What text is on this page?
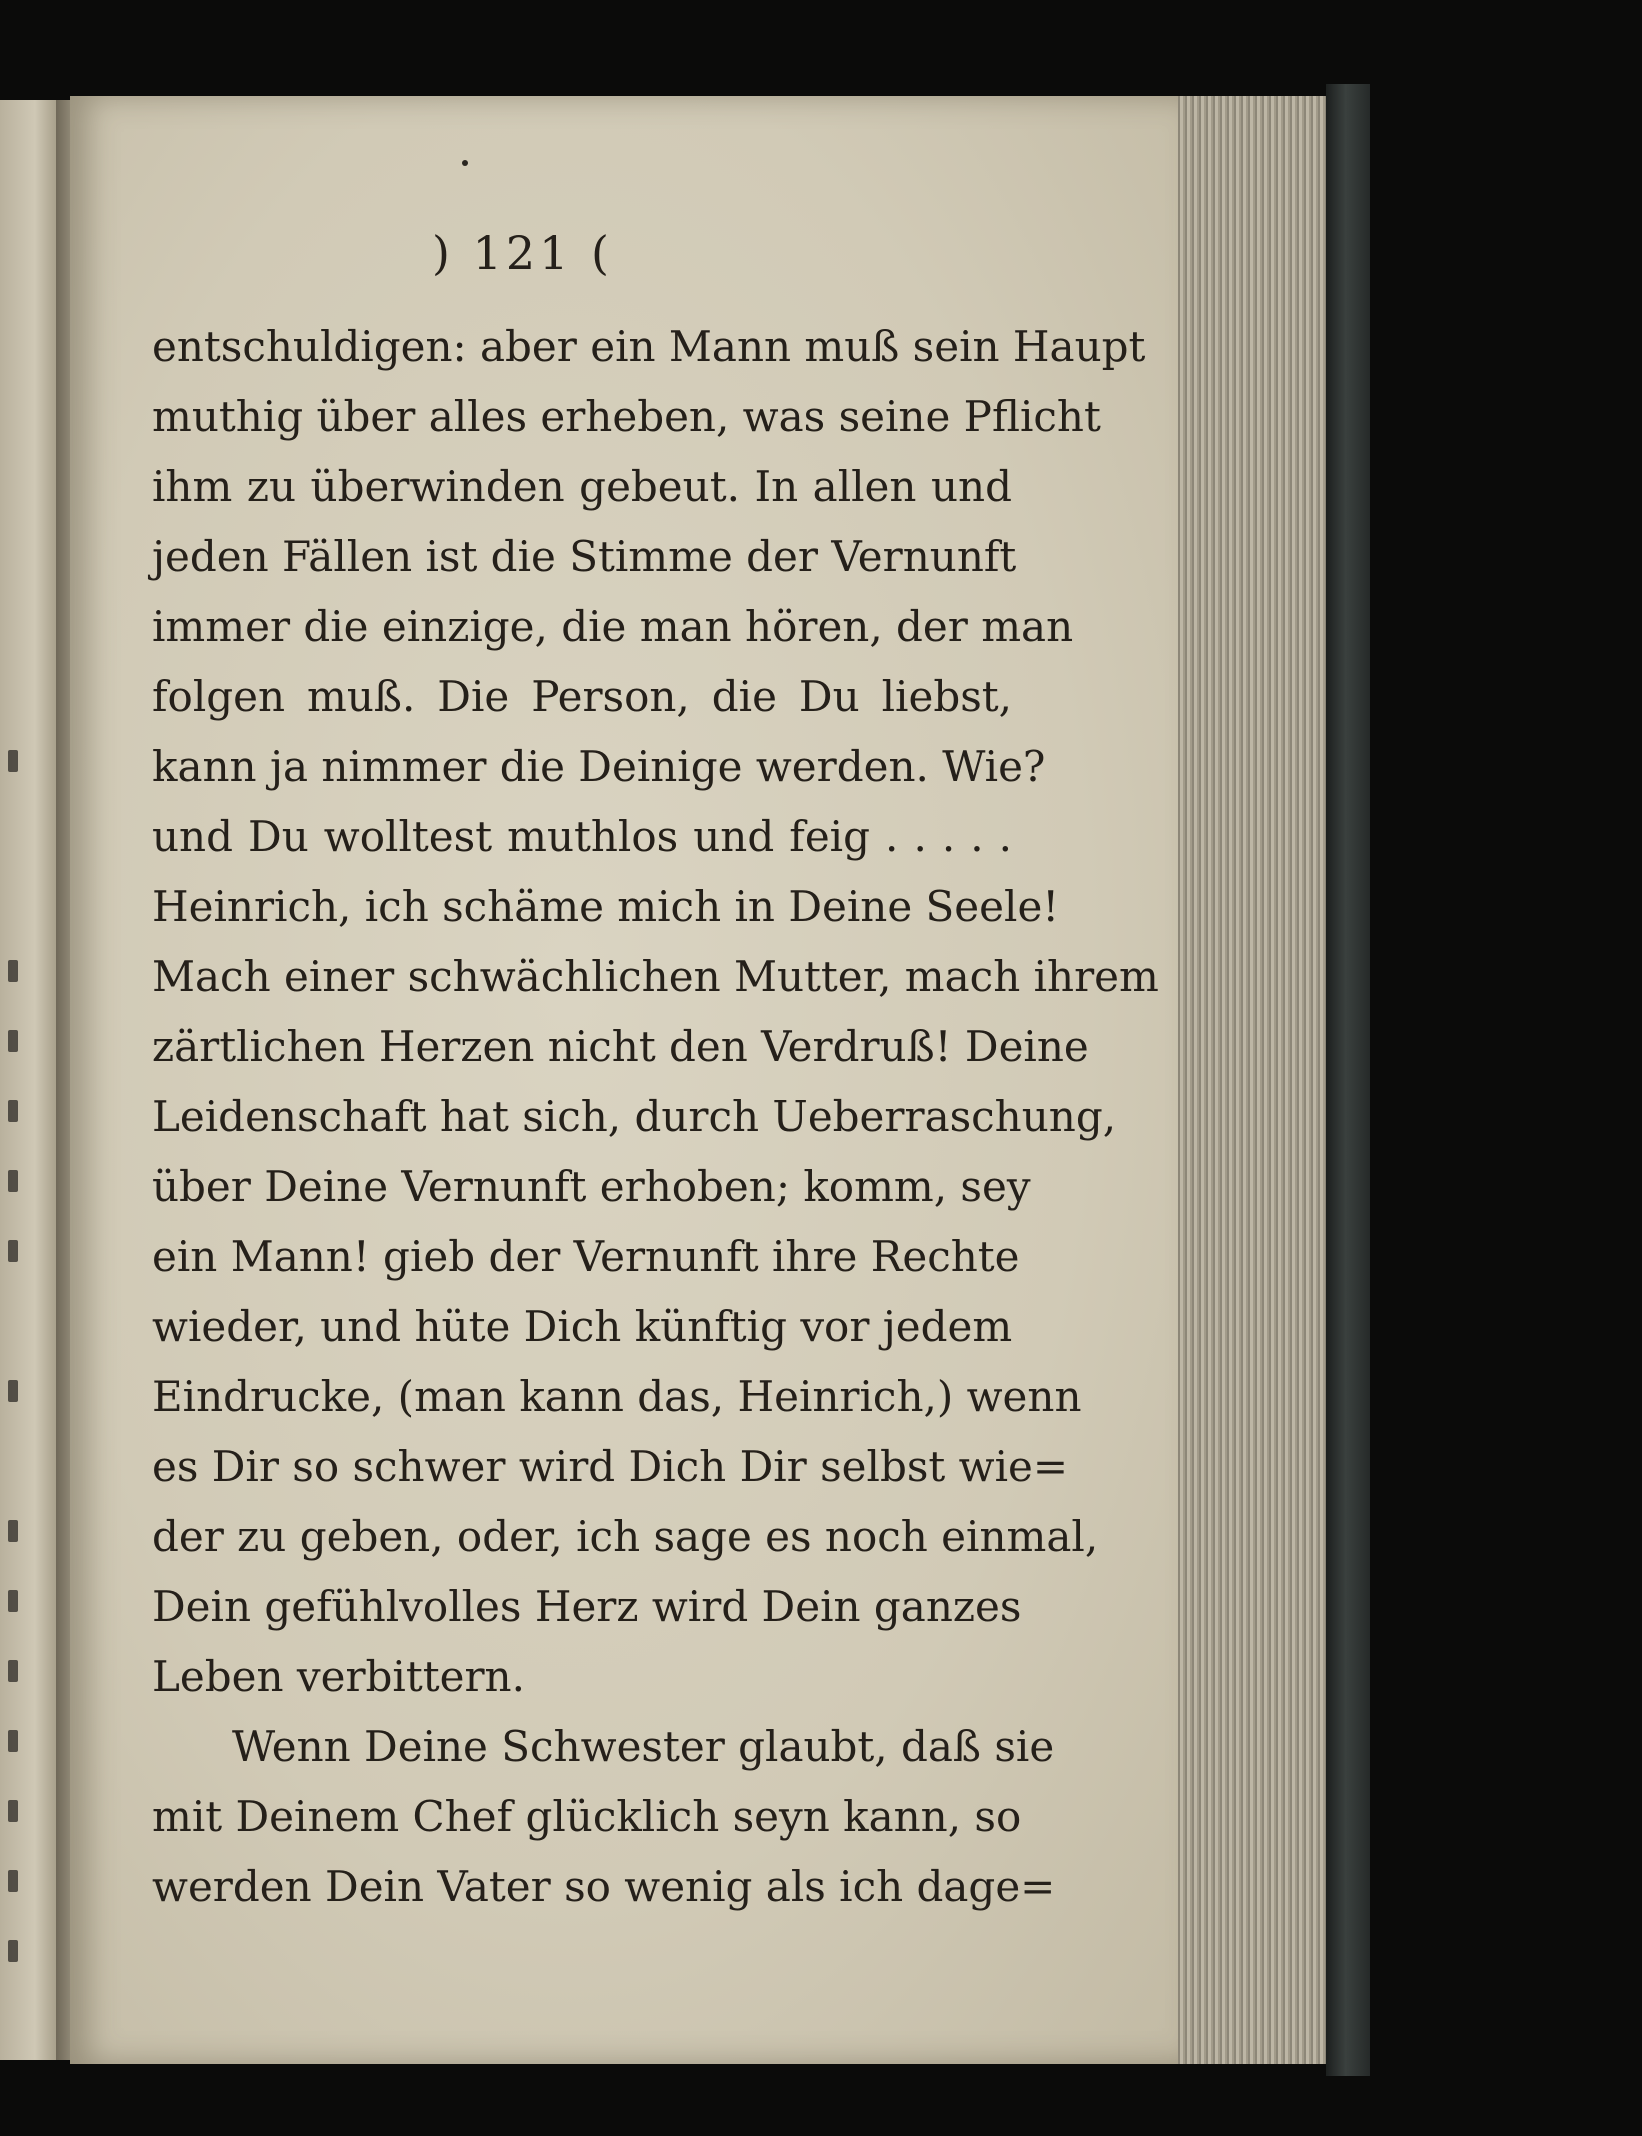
) 121 (
entschuldigen: aber ein Mann muß sein Haupt
muthig über alles erheben, was seine Pflicht
ihm zu überwinden gebeut. In allen und
jeden Fällen ist die Stimme der Vernunft
immer die einzige, die man hören, der man
folgen muß. Die Person, die Du liebst,
kann ja nimmer die Deinige werden. Wie?
und Du wolltest muthlos und feig . . . . .
Heinrich, ich schäme mich in Deine Seele!
Mach einer schwächlichen Mutter, mach ihrem
zärtlichen Herzen nicht den Verdruß! Deine
Leidenschaft hat sich, durch Ueberraschung,
über Deine Vernunft erhoben; komm, sey
ein Mann! gieb der Vernunft ihre Rechte
wieder, und hüte Dich künftig vor jedem
Eindrucke, (man kann das, Heinrich,) wenn
es Dir so schwer wird Dich Dir selbst wie=
der zu geben, oder, ich sage es noch einmal,
Dein gefühlvolles Herz wird Dein ganzes
Leben verbittern.
Wenn Deine Schwester glaubt, daß sie
mit Deinem Chef glücklich seyn kann, so
werden Dein Vater so wenig als ich dage=
